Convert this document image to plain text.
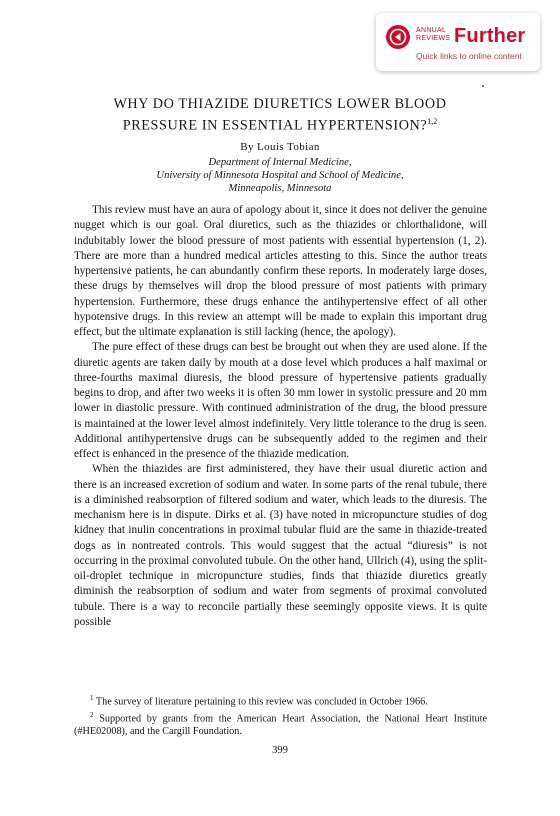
ANNUAL
REVIEWS Further
Quick links to online content
WHY DO THIAZIDE DIURETICS LOWER BLOOD
PRESSURE IN ESSENTIAL HYPERTENSION?$^{1,2}$
By Louis Tobian
Department of Internal Medicine,
University of Minnesota Hospital and School of Medicine,
Minneapolis, Minnesota

This review must have an aura of apology about it, since it does not deliver the genuine nugget which is our goal. Oral diuretics, such as the thiazides or chlorthalidone, will indubitably lower the blood pressure of most patients with essential hypertension (1, 2). There are more than a hundred medical articles attesting to this. Since the author treats hypertensive patients, he can abundantly confirm these reports. In moderately large doses, these drugs by themselves will drop the blood pressure of most patients with primary hypertension. Furthermore, these drugs enhance the antihypertensive effect of all other hypotensive drugs. In this review an attempt will be made to explain this important drug effect, but the ultimate explanation is still lacking (hence, the apology).

The pure effect of these drugs can best be brought out when they are used alone. If the diuretic agents are taken daily by mouth at a dose level which produces a half maximal or three-fourths maximal diuresis, the blood pressure of hypertensive patients gradually begins to drop, and after two weeks it is often 30 mm lower in systolic pressure and 20 mm lower in diastolic pressure. With continued administration of the drug, the blood pressure is maintained at the lower level almost indefinitely. Very little tolerance to the drug is seen. Additional antihypertensive drugs can be subsequently added to the regimen and their effect is enhanced in the presence of the thiazide medication.

When the thiazides are first administered, they have their usual diuretic action and there is an increased excretion of sodium and water. In some parts of the renal tubule, there is a diminished reabsorption of filtered sodium and water, which leads to the diuresis. The mechanism here is in dispute. Dirks et al. (3) have noted in micropuncture studies of dog kidney that inulin concentrations in proximal tubular fluid are the same in thiazide-treated dogs as in nontreated controls. This would suggest that the actual “diuresis” is not occurring in the proximal convoluted tubule. On the other hand, Ullrich (4), using the split-oil-droplet technique in micropuncture studies, finds that thiazide diuretics greatly diminish the reabsorption of sodium and water from segments of proximal convoluted tubule. There is a way to reconcile partially these seemingly opposite views. It is quite possible

$^1$ The survey of literature pertaining to this review was concluded in October 1966.

$^2$ Supported by grants from the American Heart Association, the National Heart Institute (#HE02008), and the Cargill Foundation.

399
